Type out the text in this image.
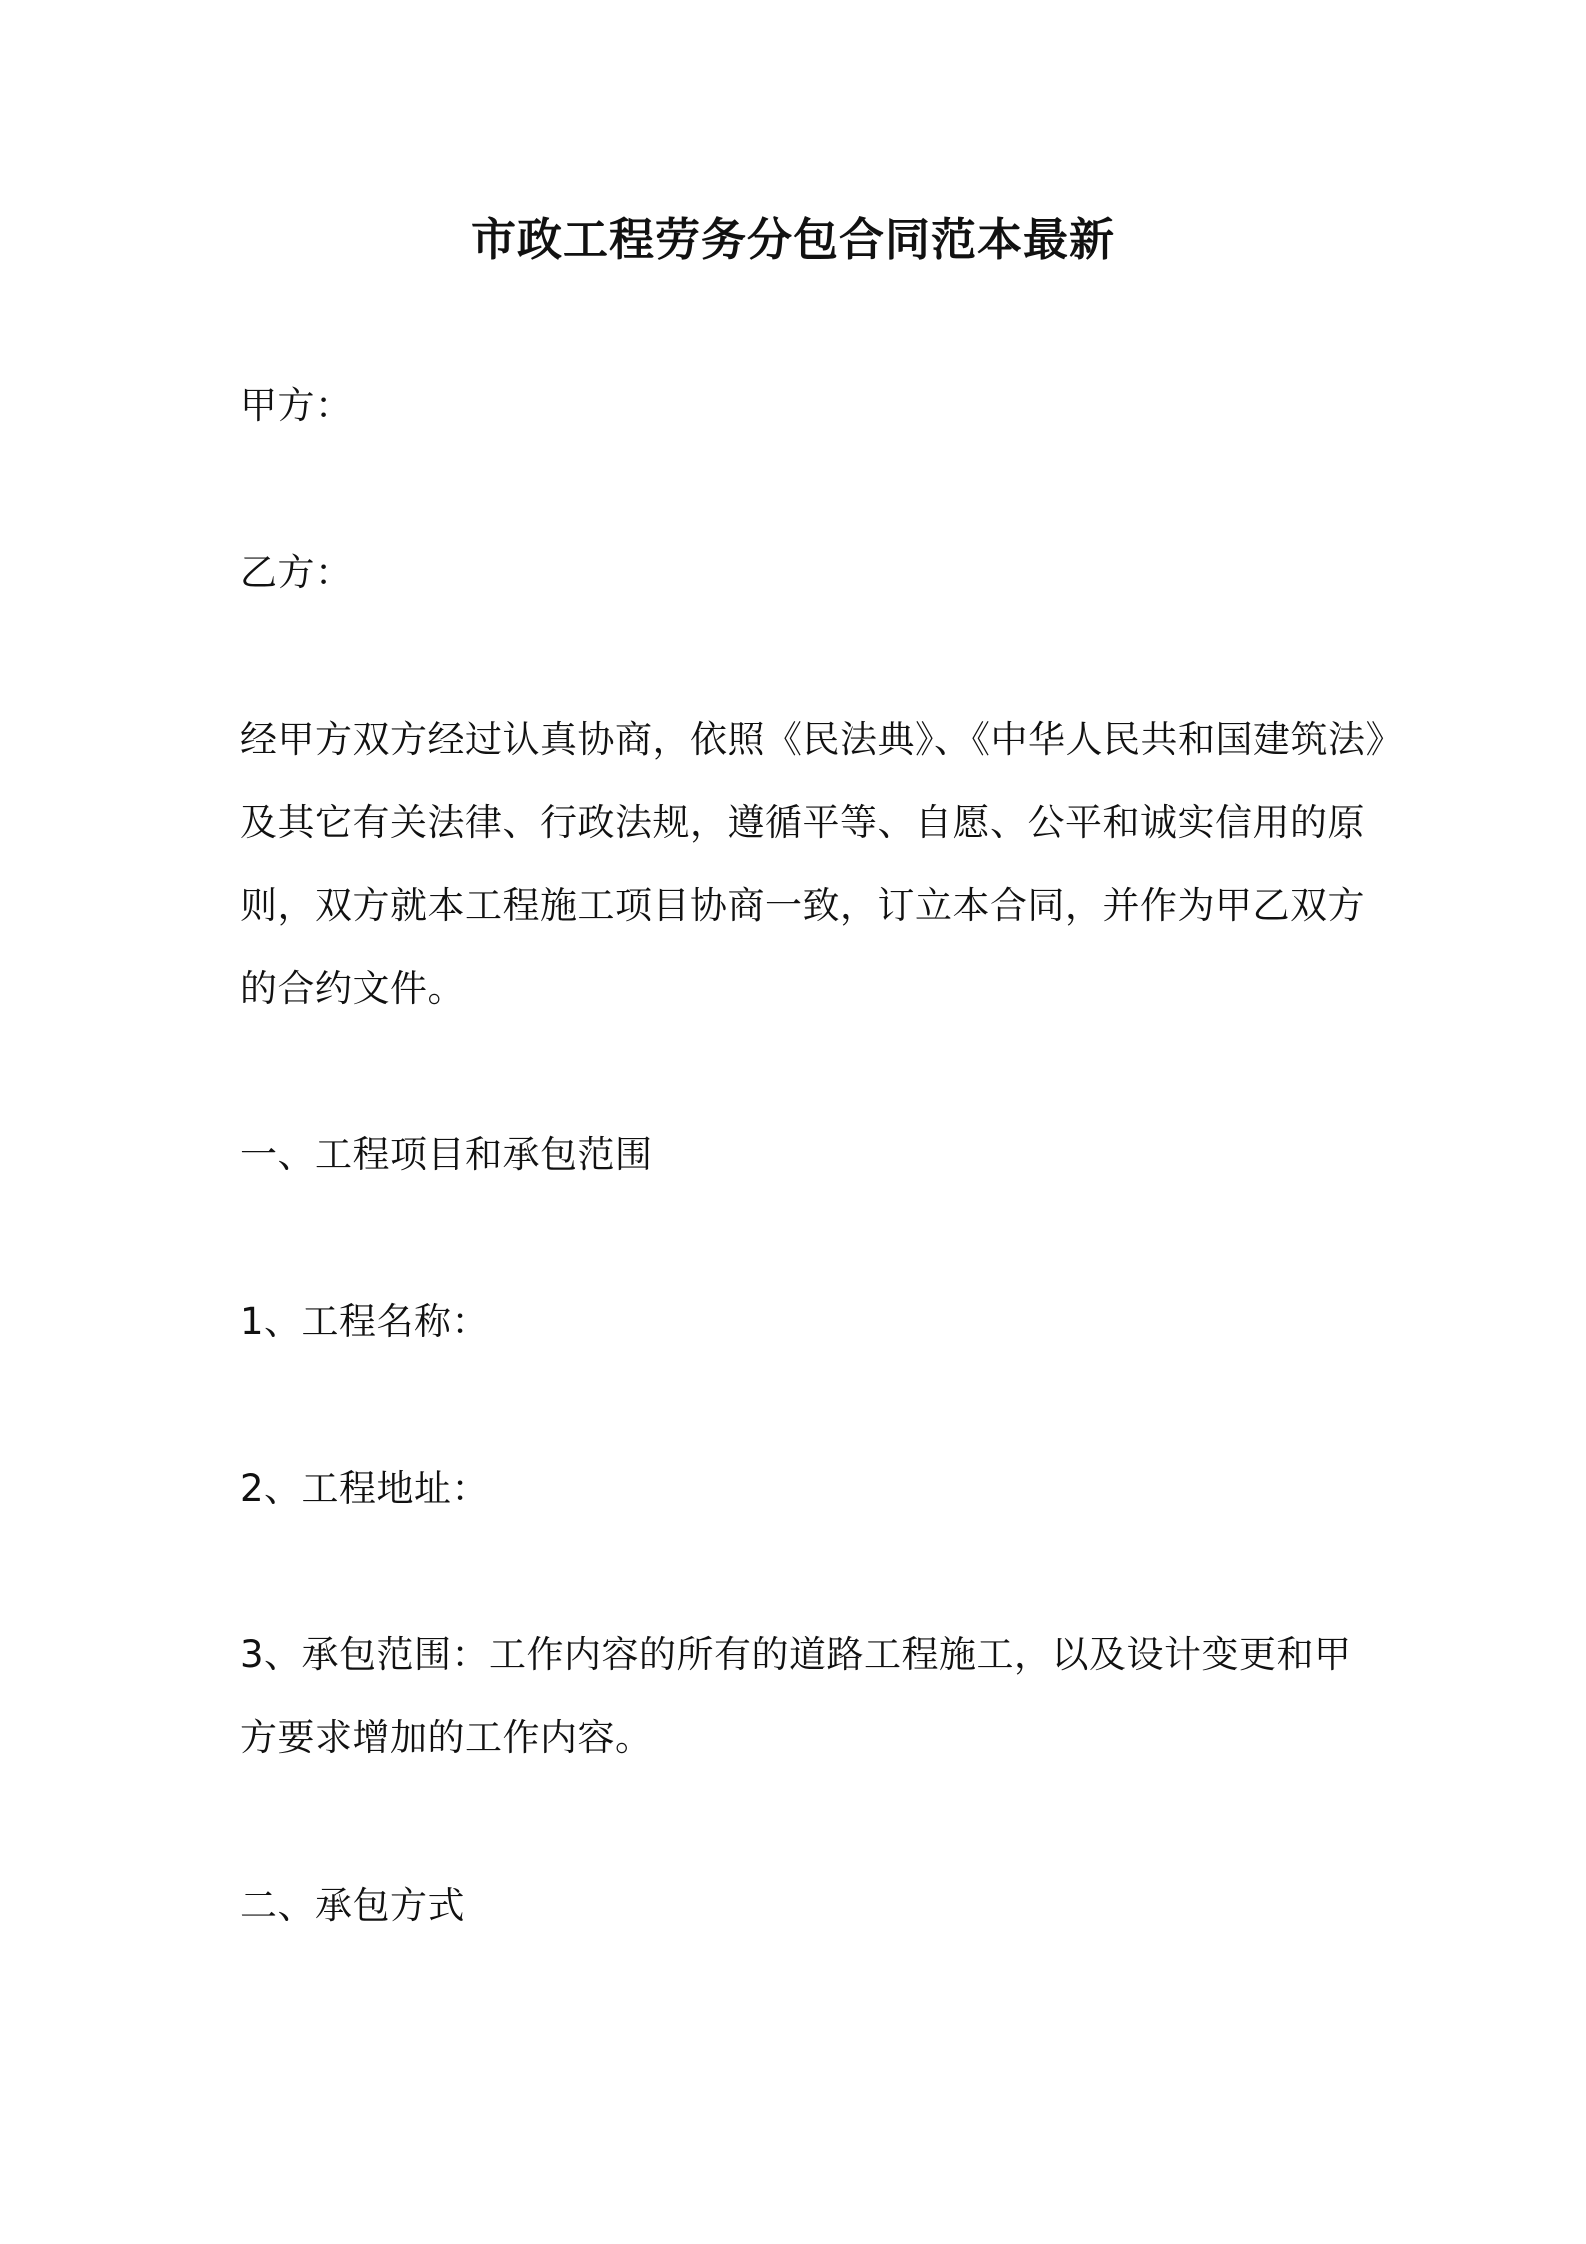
市政工程劳务分包合同范本最新

甲方：

乙方：

经甲方双方经过认真协商，依照《民法典》、《中华人民共和国建筑法》
及其它有关法律、行政法规，遵循平等、自愿、公平和诚实信用的原
则，双方就本工程施工项目协商一致，订立本合同，并作为甲乙双方
的合约文件。

一、工程项目和承包范围

1、工程名称：

2、工程地址：

3、承包范围：工作内容的所有的道路工程施工，以及设计变更和甲
方要求增加的工作内容。

二、承包方式
